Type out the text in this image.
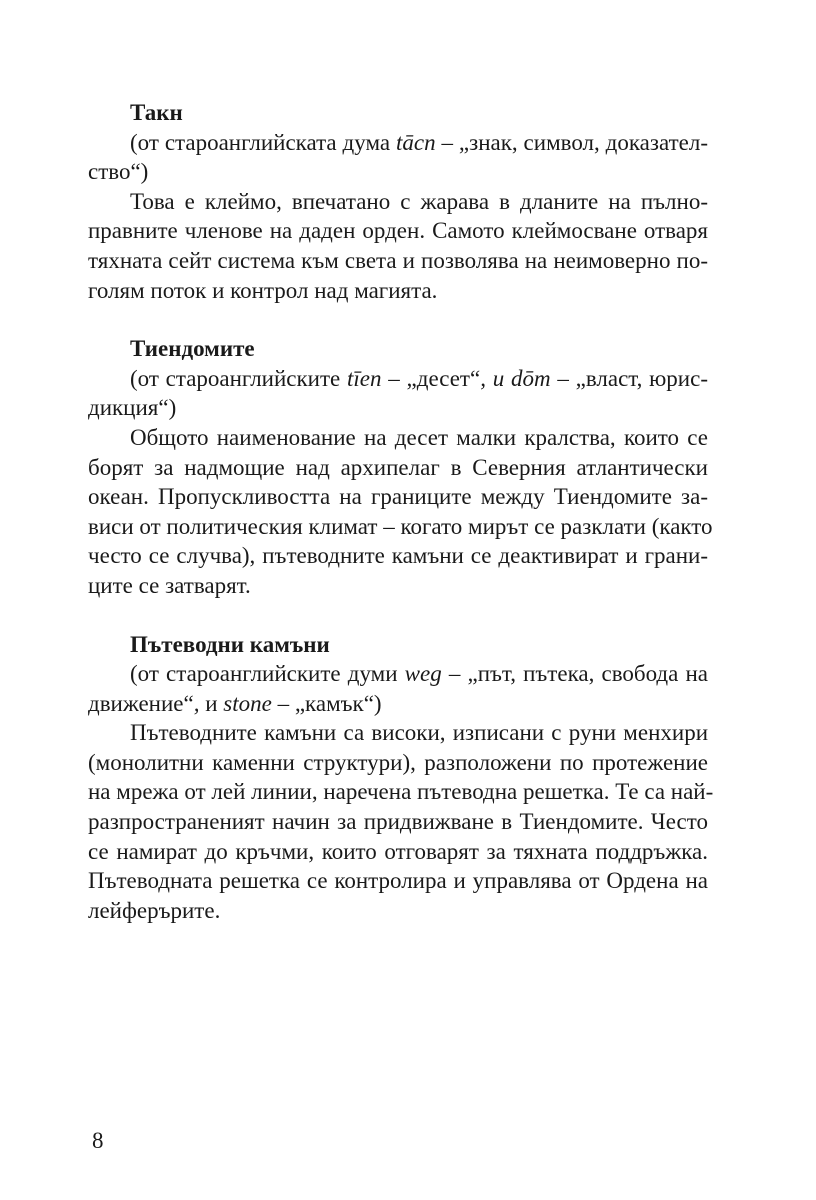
Такн
(от староанглийската дума tācn – „знак, символ, доказател-
ство“)
Това е клеймо, впечатано с жарава в дланите на пълно-
правните членове на даден орден. Самото клеймосване отваря
тяхната сейт система към света и позволява на неимоверно по-
голям поток и контрол над магията.
Тиендомите
(от староанглийските tīen – „десет“, и dōm – „власт, юрис-
дикция“)
Общото наименование на десет малки кралства, които се
борят за надмощие над архипелаг в Северния атлантически
океан. Пропускливостта на границите между Тиендомите за-
виси от политическия климат – когато мирът се разклати (както
често се случва), пътеводните камъни се деактивират и грани-
ците се затварят.
Пътеводни камъни
(от староанглийските думи weg – „път, пътека, свобода на
движение“, и stone – „камък“)
Пътеводните камъни са високи, изписани с руни менхири
(монолитни каменни структури), разположени по протежение
на мрежа от лей линии, наречена пътеводна решетка. Те са най-
разпространеният начин за придвижване в Тиендомите. Често
се намират до кръчми, които отговарят за тяхната поддръжка.
Пътеводната решетка се контролира и управлява от Ордена на
лейферърите.
8
